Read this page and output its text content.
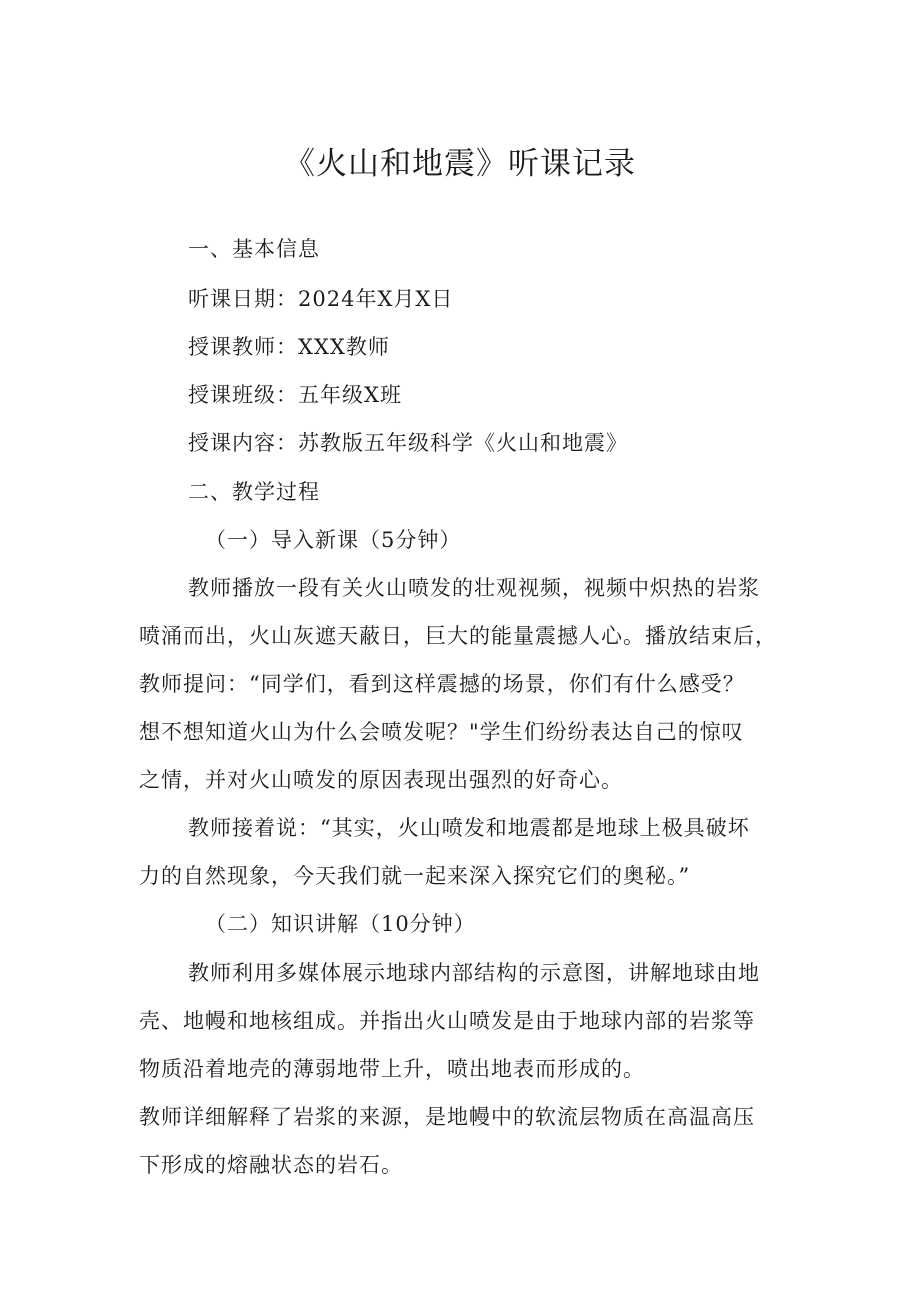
《火山和地震》听课记录
一、基本信息
听课日期：2024年X月X日
授课教师：XXX教师
授课班级：五年级X班
授课内容：苏教版五年级科学《火山和地震》
二、教学过程
（一）导入新课（5分钟）
教师播放一段有关火山喷发的壮观视频，视频中炽热的岩浆
喷涌而出，火山灰遮天蔽日，巨大的能量震撼人心。播放结束后，
教师提问：“同学们，看到这样震撼的场景，你们有什么感受？
想不想知道火山为什么会喷发呢？"学生们纷纷表达自己的惊叹
之情，并对火山喷发的原因表现出强烈的好奇心。
教师接着说：“其实，火山喷发和地震都是地球上极具破坏
力的自然现象，今天我们就一起来深入探究它们的奥秘。”
（二）知识讲解（10分钟）
教师利用多媒体展示地球内部结构的示意图，讲解地球由地
壳、地幔和地核组成。并指出火山喷发是由于地球内部的岩浆等
物质沿着地壳的薄弱地带上升，喷出地表而形成的。
教师详细解释了岩浆的来源，是地幔中的软流层物质在高温高压
下形成的熔融状态的岩石。
